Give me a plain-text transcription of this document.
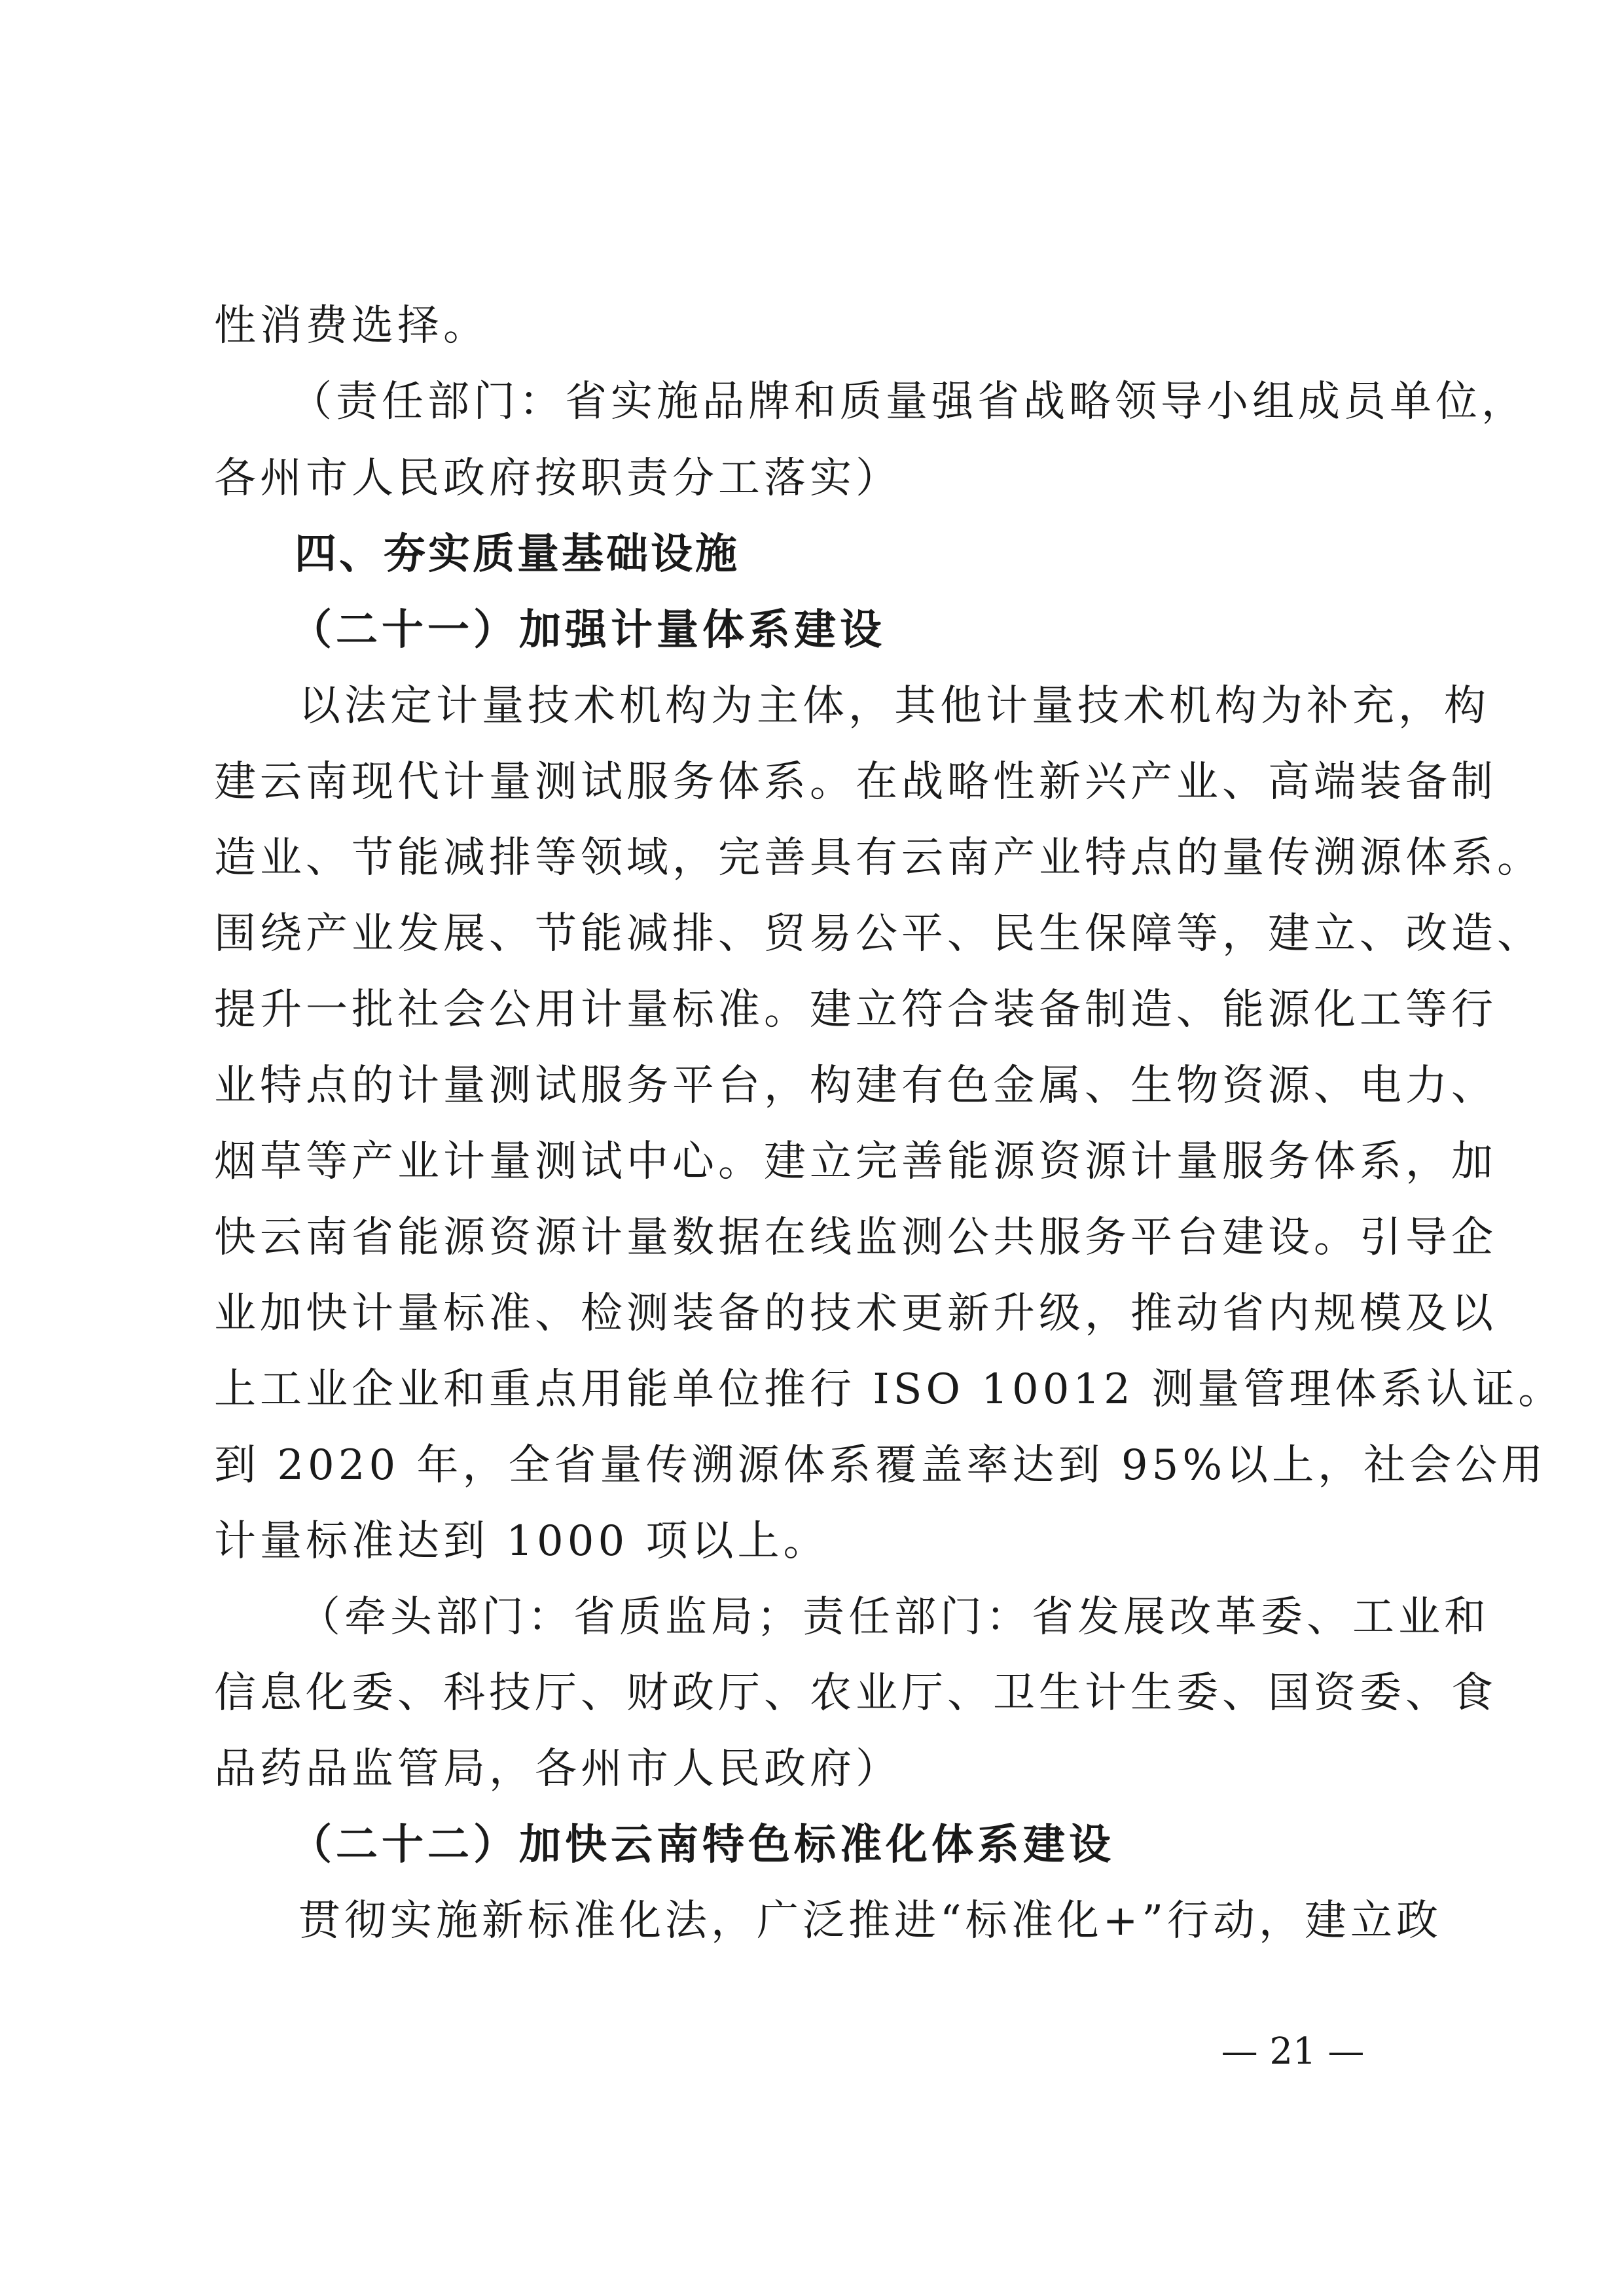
性消费选择。
（责任部门：省实施品牌和质量强省战略领导小组成员单位，
各州市人民政府按职责分工落实）
四、夯实质量基础设施
（二十一）加强计量体系建设
以法定计量技术机构为主体，其他计量技术机构为补充，构
建云南现代计量测试服务体系。在战略性新兴产业、高端装备制
造业、节能减排等领域，完善具有云南产业特点的量传溯源体系。
围绕产业发展、节能减排、贸易公平、民生保障等，建立、改造、
提升一批社会公用计量标准。建立符合装备制造、能源化工等行
业特点的计量测试服务平台，构建有色金属、生物资源、电力、
烟草等产业计量测试中心。建立完善能源资源计量服务体系，加
快云南省能源资源计量数据在线监测公共服务平台建设。引导企
业加快计量标准、检测装备的技术更新升级，推动省内规模及以
上工业企业和重点用能单位推行 ISO 10012 测量管理体系认证。
到 2020 年，全省量传溯源体系覆盖率达到 95%以上，社会公用
计量标准达到 1000 项以上。
（牵头部门：省质监局；责任部门：省发展改革委、工业和
信息化委、科技厅、财政厅、农业厅、卫生计生委、国资委、食
品药品监管局，各州市人民政府）
（二十二）加快云南特色标准化体系建设
贯彻实施新标准化法，广泛推进“标准化+”行动，建立政
— 21 —
